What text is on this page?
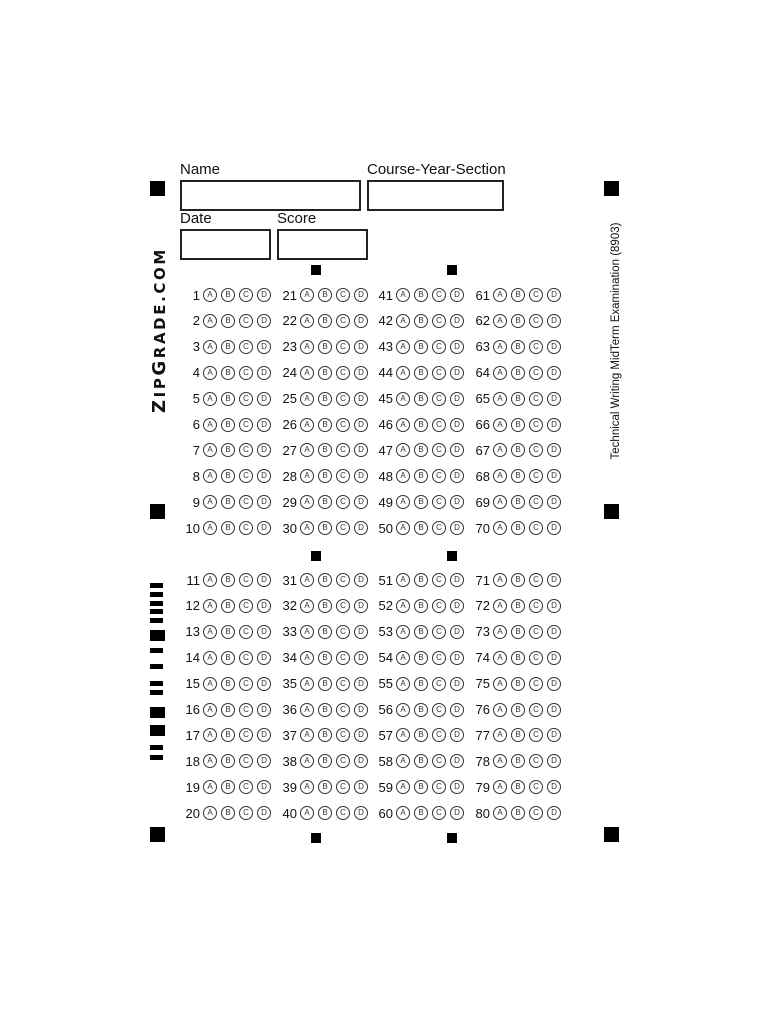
Name	Course-Year-Section
Date	Score
ZIPGRADE.COM	Technical Writing MidTerm Examination (8903)
1 A	B	C	D	21 A	B	C	D	41 A	B	C	D	61 A	B	C	D
2 A	B	C	D	22 A	B	C	D	42 A	B	C	D	62 A	B	C	D
3 A	B	C	D	23 A	B	C	D	43 A	B	C	D	63 A	B	C	D
4 A	B	C	D	24 A	B	C	D	44 A	B	C	D	64 A	B	C	D
5 A	B	C	D	25 A	B	C	D	45 A	B	C	D	65 A	B	C	D
6 A	B	C	D	26 A	B	C	D	46 A	B	C	D	66 A	B	C	D
7 A	B	C	D	27 A	B	C	D	47 A	B	C	D	67 A	B	C	D
8 A	B	C	D	28 A	B	C	D	48 A	B	C	D	68 A	B	C	D
9 A	B	C	D	29 A	B	C	D	49 A	B	C	D	69 A	B	C	D
10 A	B	C	D	30 A	B	C	D	50 A	B	C	D	70 A	B	C	D
11 A	B	C	D	31 A	B	C	D	51 A	B	C	D	71 A	B	C	D
12 A	B	C	D	32 A	B	C	D	52 A	B	C	D	72 A	B	C	D
13 A	B	C	D	33 A	B	C	D	53 A	B	C	D	73 A	B	C	D
14 A	B	C	D	34 A	B	C	D	54 A	B	C	D	74 A	B	C	D
15 A	B	C	D	35 A	B	C	D	55 A	B	C	D	75 A	B	C	D
16 A	B	C	D	36 A	B	C	D	56 A	B	C	D	76 A	B	C	D
17 A	B	C	D	37 A	B	C	D	57 A	B	C	D	77 A	B	C	D
18 A	B	C	D	38 A	B	C	D	58 A	B	C	D	78 A	B	C	D
19 A	B	C	D	39 A	B	C	D	59 A	B	C	D	79 A	B	C	D
20 A	B	C	D	40 A	B	C	D	60 A	B	C	D	80 A	B	C	D
